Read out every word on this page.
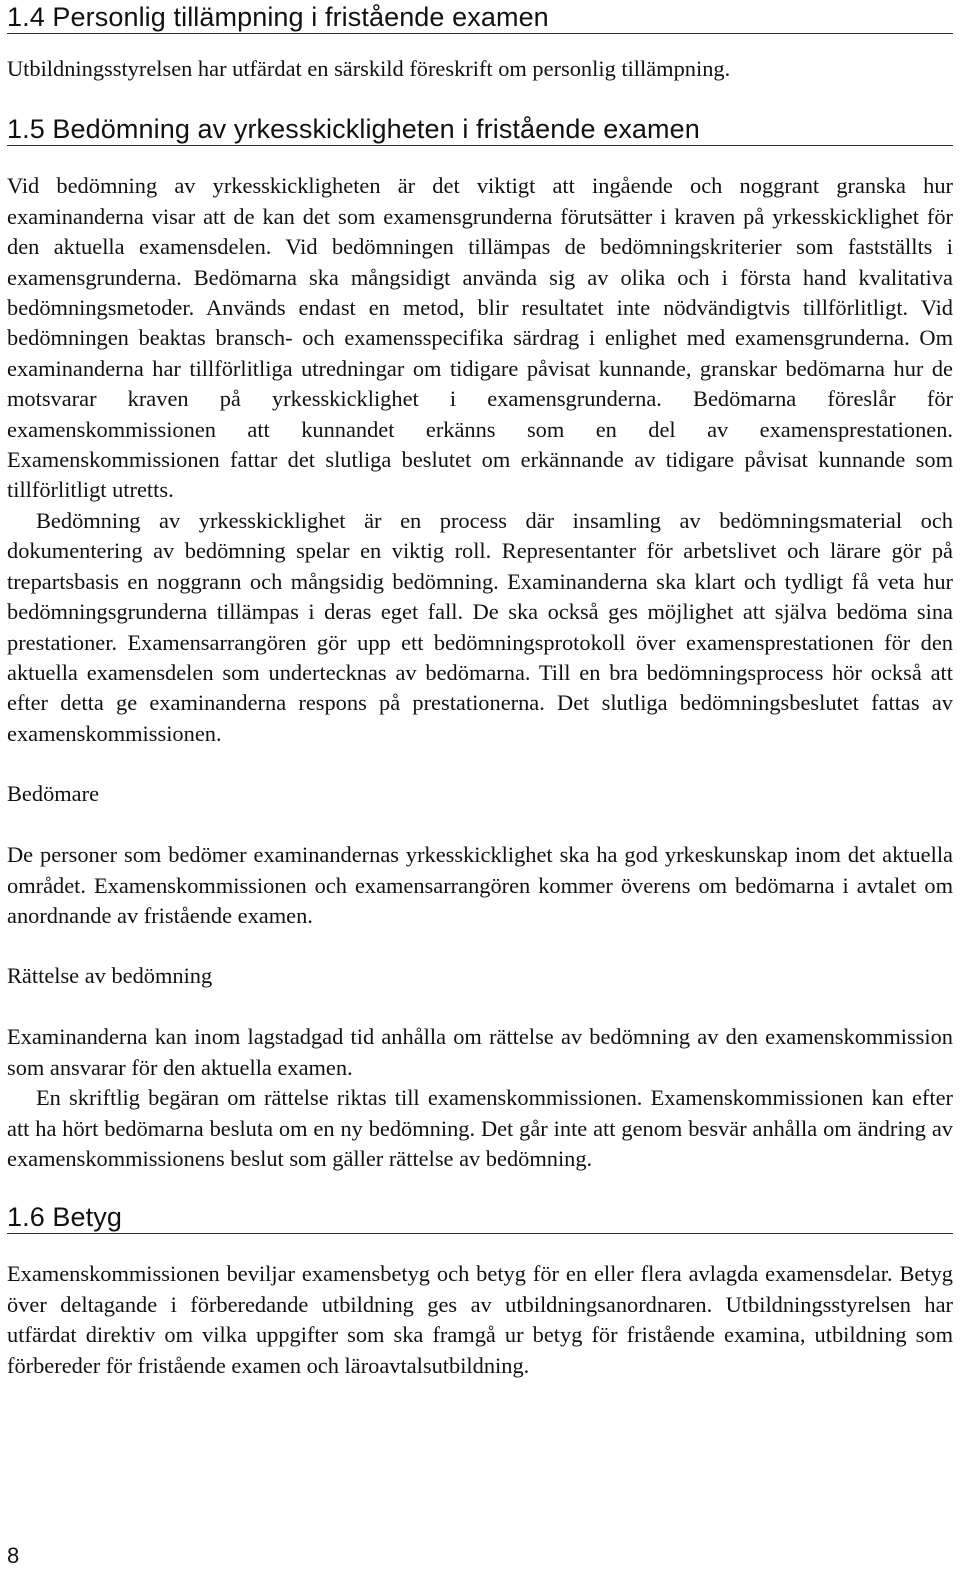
1.4 Personlig tillämpning i fristående examen

Utbildningsstyrelsen har utfärdat en särskild föreskrift om personlig tillämpning.

1.5 Bedömning av yrkesskickligheten i fristående examen

Vid bedömning av yrkesskickligheten är det viktigt att ingående och noggrant granska hur examinanderna visar att de kan det som examensgrunderna förutsätter i kraven på yrkesskicklighet för den aktuella examensdelen. Vid bedömningen tillämpas de bedömningskriterier som fastställts i examensgrunderna. Bedömarna ska mångsidigt använda sig av olika och i första hand kvalitativa bedömningsmetoder. Används endast en metod, blir resultatet inte nödvändigtvis tillförlitligt. Vid bedömningen beaktas bransch- och examensspecifika särdrag i enlighet med examensgrunderna. Om examinanderna har tillförlitliga utredningar om tidigare påvisat kunnande, granskar bedömarna hur de motsvarar kraven på yrkesskicklighet i examensgrunderna. Bedömarna föreslår för examenskommissionen att kunnandet erkänns som en del av examensprestationen. Examenskommissionen fattar det slutliga beslutet om erkännande av tidigare påvisat kunnande som tillförlitligt utretts.

Bedömning av yrkesskicklighet är en process där insamling av bedömningsmaterial och dokumentering av bedömning spelar en viktig roll. Representanter för arbetslivet och lärare gör på trepartsbasis en noggrann och mångsidig bedömning. Examinanderna ska klart och tydligt få veta hur bedömningsgrunderna tillämpas i deras eget fall. De ska också ges möjlighet att själva bedöma sina prestationer. Examensarrangören gör upp ett bedömningsprotokoll över examensprestationen för den aktuella examensdelen som undertecknas av bedömarna. Till en bra bedömningsprocess hör också att efter detta ge examinanderna respons på prestationerna. Det slutliga bedömningsbeslutet fattas av examenskommissionen.

Bedömare

De personer som bedömer examinandernas yrkesskicklighet ska ha god yrkeskunskap inom det aktuella området. Examenskommissionen och examensarrangören kommer överens om bedömarna i avtalet om anordnande av fristående examen.

Rättelse av bedömning

Examinanderna kan inom lagstadgad tid anhålla om rättelse av bedömning av den examenskommission som ansvarar för den aktuella examen.

En skriftlig begäran om rättelse riktas till examenskommissionen. Examenskommissionen kan efter att ha hört bedömarna besluta om en ny bedömning. Det går inte att genom besvär anhålla om ändring av examenskommissionens beslut som gäller rättelse av bedömning.

1.6 Betyg

Examenskommissionen beviljar examensbetyg och betyg för en eller flera avlagda examensdelar. Betyg över deltagande i förberedande utbildning ges av utbildningsanordnaren. Utbildningsstyrelsen har utfärdat direktiv om vilka uppgifter som ska framgå ur betyg för fristående examina, utbildning som förbereder för fristående examen och läroavtalsutbildning.

8
